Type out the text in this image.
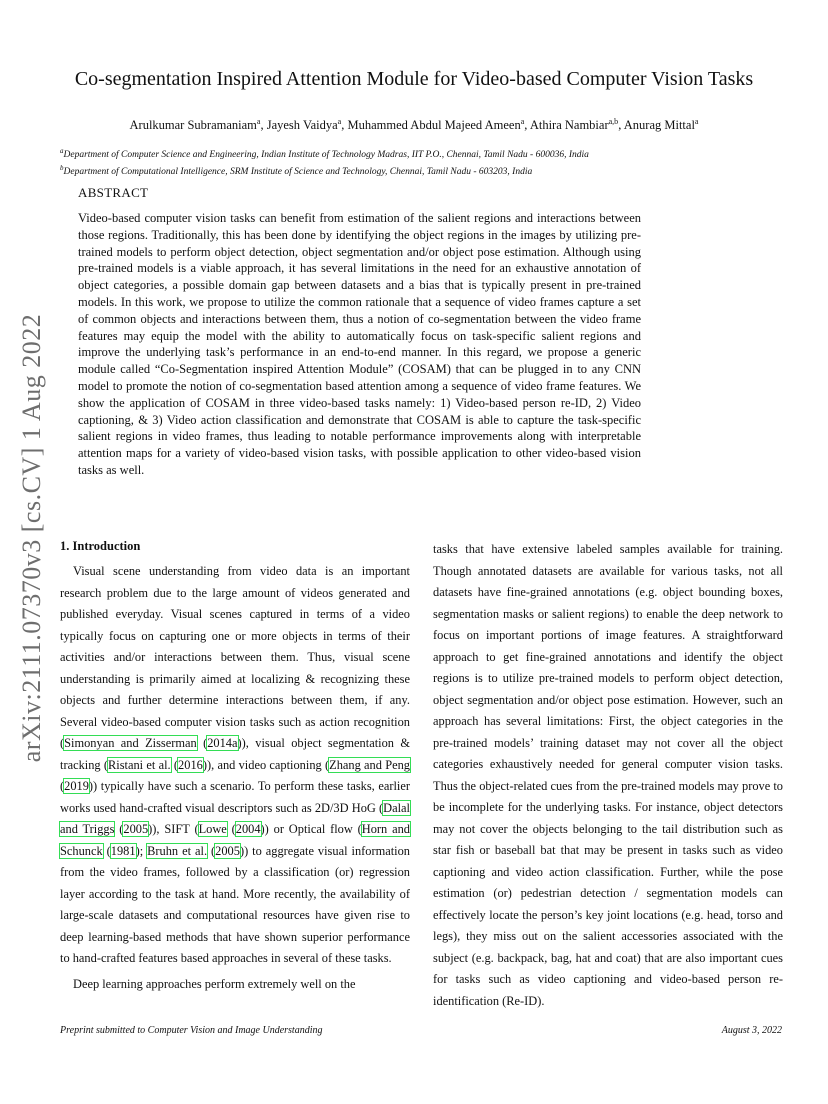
arXiv:2111.07370v3 [cs.CV] 1 Aug 2022
Co-segmentation Inspired Attention Module for Video-based Computer Vision Tasks
Arulkumar Subramaniam$^a$, Jayesh Vaidya$^a$, Muhammed Abdul Majeed Ameen$^a$, Athira Nambiar$^{a,b}$, Anurag Mittal$^a$
$^a$Department of Computer Science and Engineering, Indian Institute of Technology Madras, IIT P.O., Chennai, Tamil Nadu - 600036, India
$^b$Department of Computational Intelligence, SRM Institute of Science and Technology, Chennai, Tamil Nadu - 603203, India
ABSTRACT

Video-based computer vision tasks can benefit from estimation of the salient regions and interactions between those regions. Traditionally, this has been done by identifying the object regions in the images by utilizing pre-trained models to perform object detection, object segmentation and/or object pose estimation. Although using pre-trained models is a viable approach, it has several limitations in the need for an exhaustive annotation of object categories, a possible domain gap between datasets and a bias that is typically present in pre-trained models. In this work, we propose to utilize the common rationale that a sequence of video frames capture a set of common objects and interactions between them, thus a notion of co-segmentation between the video frame features may equip the model with the ability to automatically focus on task-specific salient regions and improve the underlying task’s performance in an end-to-end manner. In this regard, we propose a generic module called “Co-Segmentation inspired Attention Module” (COSAM) that can be plugged in to any CNN model to promote the notion of co-segmentation based attention among a sequence of video frame features. We show the application of COSAM in three video-based tasks namely: 1) Video-based person re-ID, 2) Video captioning, & 3) Video action classification and demonstrate that COSAM is able to capture the task-specific salient regions in video frames, thus leading to notable performance improvements along with interpretable attention maps for a variety of video-based vision tasks, with possible application to other video-based vision tasks as well.

1. Introduction

Visual scene understanding from video data is an important research problem due to the large amount of videos generated and published everyday. Visual scenes captured in terms of a video typically focus on capturing one or more objects in terms of their activities and/or interactions between them. Thus, visual scene understanding is primarily aimed at localizing & recognizing these objects and further determine interactions between them, if any. Several video-based computer vision tasks such as action recognition (Simonyan and Zisserman (2014a)), visual object segmentation & tracking (Ristani et al. (2016)), and video captioning (Zhang and Peng (2019)) typically have such a scenario. To perform these tasks, earlier works used hand-crafted visual descriptors such as 2D/3D HoG (Dalal and Triggs (2005)), SIFT (Lowe (2004)) or Optical flow (Horn and Schunck (1981); Bruhn et al. (2005)) to aggregate visual information from the video frames, followed by a classification (or) regression layer according to the task at hand. More recently, the availability of large-scale datasets and computational resources have given rise to deep learning-based methods that have shown superior performance to hand-crafted features based approaches in several of these tasks.

Deep learning approaches perform extremely well on the

tasks that have extensive labeled samples available for training. Though annotated datasets are available for various tasks, not all datasets have fine-grained annotations (e.g. object bounding boxes, segmentation masks or salient regions) to enable the deep network to focus on important portions of image features. A straightforward approach to get fine-grained annotations and identify the object regions is to utilize pre-trained models to perform object detection, object segmentation and/or object pose estimation. However, such an approach has several limitations: First, the object categories in the pre-trained models’ training dataset may not cover all the object categories exhaustively needed for general computer vision tasks. Thus the object-related cues from the pre-trained models may prove to be incomplete for the underlying tasks. For instance, object detectors may not cover the objects belonging to the tail distribution such as star fish or baseball bat that may be present in tasks such as video captioning and video action classification. Further, while the pose estimation (or) pedestrian detection / segmentation models can effectively locate the person’s key joint locations (e.g. head, torso and legs), they miss out on the salient accessories associated with the subject (e.g. backpack, bag, hat and coat) that are also important cues for tasks such as video captioning and video-based person re-identification (Re-ID).

Preprint submitted to Computer Vision and Image Understanding	August 3, 2022
